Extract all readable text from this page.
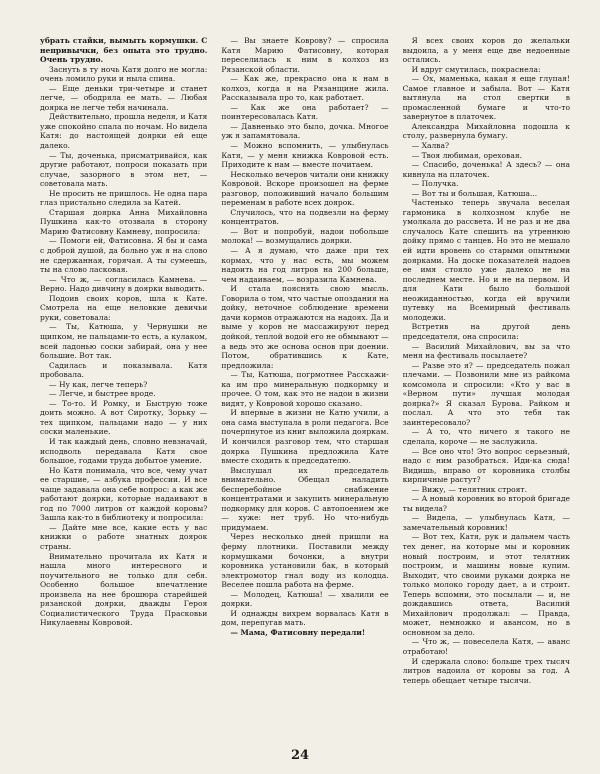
убрать стайки, вымыть кормушки. С непривычки, без опыта это трудно. Очень трудно.

Заснуть в ту ночь Катя долго не могла: очень ломило руки и ныла спина.

— Еще деньки три-четыре и станет легче, — ободряла ее мать. — Любая доярка не легче тебя начинала.

Действительно, прошла неделя, и Катя уже спокойно спала по ночам. Но видела Катя: до настоящей доярки ей еще далеко.

— Ты, доченька, присматривайся, как другие работают, попроси показать при случае, зазорного в этом нет, — советовала мать.

Не просить не пришлось. Не одна пара глаз пристально следила за Катей.

Старшая доярка Анна Михайловна Пушкина как-то отозвала в сторону Марию Фатисовну Камневу, попросила:

— Помоги ей, Фатисовна. Я бы и сама с доброй душой, да больно уж я на слово не сдержанная, горячая. А ты сумеешь, ты на слово ласковая.

— Что ж, — согласилась Камнева. — Верно. Надо дивчину в доярки выводить.

Подоив своих коров, шла к Кате. Смотрела на еще неловкие девичьи руки, советовала:

— Ты, Катюша, у Чернушки не щипком, не пальцами-то есть, а кулаком, всей ладонью соски забирай, она у нее большие. Вот так.

Садилась и показывала. Катя пробовала.

— Ну как, легче теперь?

— Легче, и быстрее вроде.

— То-то. И Ромку, и Быструю тоже доить можно. А вот Сиротку, Зорьку — тех щипком, пальцами надо — у них соски маленькие.

И так каждый день, словно невзначай, исподволь передавала Катя свое большое, годами труда добытое умение.

Но Катя понимала, что все, чему учат ее старшие, — азбука профессии. И все чаще задавала она себе вопрос: а как же работают доярки, которые надаивают в год по 7000 литров от каждой коровы? Зашла как-то в библиотеку и попросила:

— Дайте мне все, какие есть у вас книжки о работе знатных доярок страны.

Внимательно прочитала их Катя и нашла много интересного и поучительного не только для себя. Особенно большое впечатление произвела на нее брошюра старейшей рязанской доярки, дважды Героя Социалистического Труда Прасковьи Никулаевны Ковровой.

— Вы знаете Коврову? — спросила Катя Марию Фатисовну, которая переселилась к ним в колхоз из Рязанской области.

— Как же, прекрасно она к нам в колхоз, когда я на Рязанщине жила. Рассказывала про то, как работает.

— Как же она работает? — поинтересовалась Катя.

— Давненько это было, дочка. Многое уж я запамятовала.

— Можно вспомнить, — улыбнулась Катя, — у меня книжка Ковровой есть. Приходите к нам — вместе почитаем.

Несколько вечеров читали они книжку Ковровой. Вскоре произошел на ферме разговор, положивший начало большим переменам в работе всех доярок.

Случилось, что на подвезли на ферму концентратов.

— Вот и попробуй, надои побольше молока! — возмущались доярки.

— А я думаю, что даже при тех кормах, что у нас есть, мы можем надоить на год литров на 200 больше, чем надаиваем, — возразила Камнева.

И стала пояснять свою мысль. Говорила о том, что частые опоздания на дойку, неточное соблюдение времени дачи кормов отражаются на надоях. Да и выме у коров не массажируют перед дойкой, теплой водой его не обмывают — а ведь это же основа основ при доении. Потом, обратившись к Кате, предложила:

— Ты, Катюша, погрмотнее Расскажи-ка им про минеральную подкормку и прочее. О том, как это не надои в жизни видят, у Ковровой хорошо сказано.

И впервые в жизни не Катю учили, а она сама выступала в роли педагога. Все почерпнутое из книг выложила дояркам. И кончился разговор тем, что старшая доярка Пушкина предложила Кате вместе сходить к председателю.

Выслушал их председатель внимательно. Обещал наладить бесперебойное снабжение концентратами и закупить минеральную подкормку для коров. С автопоением же — хуже: нет труб. Но что-нибудь придумаем.

Через несколько дней пришли на ферму плотники. Поставили между кормушками бочонки, а внутри коровника установили бак, в который электромотор гнал воду из колодца. Веселее пошла работа на ферме.

— Молодец, Катюша! — хвалили ее доярки.

И однажды вихрем ворвалась Катя в дом, перепугав мать.

— Мама, Фатисовну передали!

Я всех своих коров до желальки выдоила, а у меня еще две недоенные остались.

И вдруг смутилась, покраснела:

— Ох, маменька, какая я еще глупая! Самое главное и забыла. Вот — Катя вытянула на стол свертки в промасленной бумаге и что-то завернутое в платочек.

Александра Михайловна подошла к столу, развернула бумагу.

— Халва?

— Твоя любимая, ореховая.

— Спасибо, доченька! А здесь? — она кивнула на платочек.

— Получка.

— Вот ты и большая, Катюша...

Частенько теперь звучала веселая гармоника в колхозном клубе не умолкала до рассвета. И не раз и не два случалось Кате спешить на утреннюю дойку прямо с танцев. Но это не мешало ей идти вровень со старыми опытными доярками. На доске показателей надоев ее имя стояло уже далеко не на последнем месте. Но и не на первом. И для Кати было большой неожиданностью, когда ей вручили путевку на Всемирный фестиваль молодежи.

Встретив на другой день председателя, она спросила:

— Василий Михайлович, вы за что меня на фестиваль посылаете?

— Разве это я? — председатель пожал плечами. — Позвонили мне из райкома комсомола и спросили: «Кто у вас в «Верном пути» лучшая молодая доярка?» Я сказал Бурова. Райком и послал. А что это тебя так заинтересовало?

— А то, что ничего я такого не сделала, короче — не заслужила.

— Все оно что! Это вопрос серьезный, надо с ним разобраться. Иди-ка сюда! Видишь, вправо от коровника столбы кирпичные растут?

— Вижу, — телятник строят.

— А новый коровник во второй бригаде ты видела?

— Видела, — улыбнулась Катя, — замечательный коровник!

— Вот тех, Катя, рук и дальнем часть тех денег, на которые мы и коровник новый построим, и этот телятник построим, и машины новые купим. Выходит, что своими руками доярка не только молоко городу дает, а и строит. Теперь вспомни, это посылали — и, не дождавшись ответа, Василий Михайлович продолжал: — Правда, может, немножко и авансом, но в основном за дело.

— Что ж, — повеселела Катя, — аванс отработаю!

И сдержала слово: больше трех тысяч литров надоила от коровы за год. А теперь обещает четыре тысячи.

24
